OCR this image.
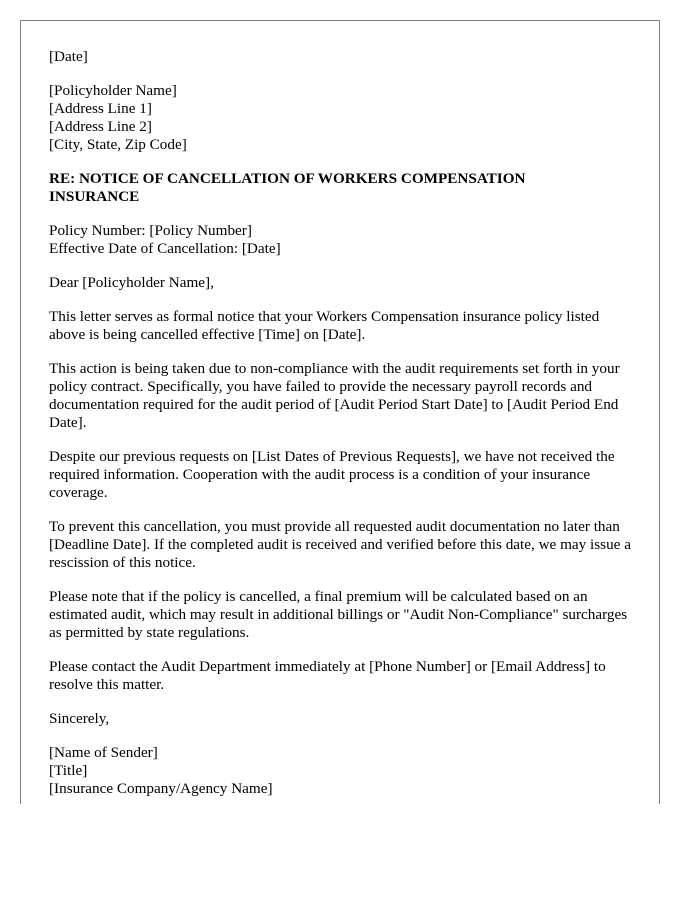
[Date]
[Policyholder Name]
[Address Line 1]
[Address Line 2]
[City, State, Zip Code]
RE: NOTICE OF CANCELLATION OF WORKERS COMPENSATION
INSURANCE
Policy Number: [Policy Number]
Effective Date of Cancellation: [Date]

Dear [Policyholder Name],

This letter serves as formal notice that your Workers Compensation insurance policy listed above is being cancelled effective [Time] on [Date].

This action is being taken due to non-compliance with the audit requirements set forth in your policy contract. Specifically, you have failed to provide the necessary payroll records and documentation required for the audit period of [Audit Period Start Date] to [Audit Period End Date].

Despite our previous requests on [List Dates of Previous Requests], we have not received the required information. Cooperation with the audit process is a condition of your insurance coverage.

To prevent this cancellation, you must provide all requested audit documentation no later than [Deadline Date]. If the completed audit is received and verified before this date, we may issue a rescission of this notice.

Please note that if the policy is cancelled, a final premium will be calculated based on an estimated audit, which may result in additional billings or "Audit Non-Compliance" surcharges as permitted by state regulations.

Please contact the Audit Department immediately at [Phone Number] or [Email Address] to resolve this matter.

Sincerely,

[Name of Sender]
[Title]
[Insurance Company/Agency Name]
